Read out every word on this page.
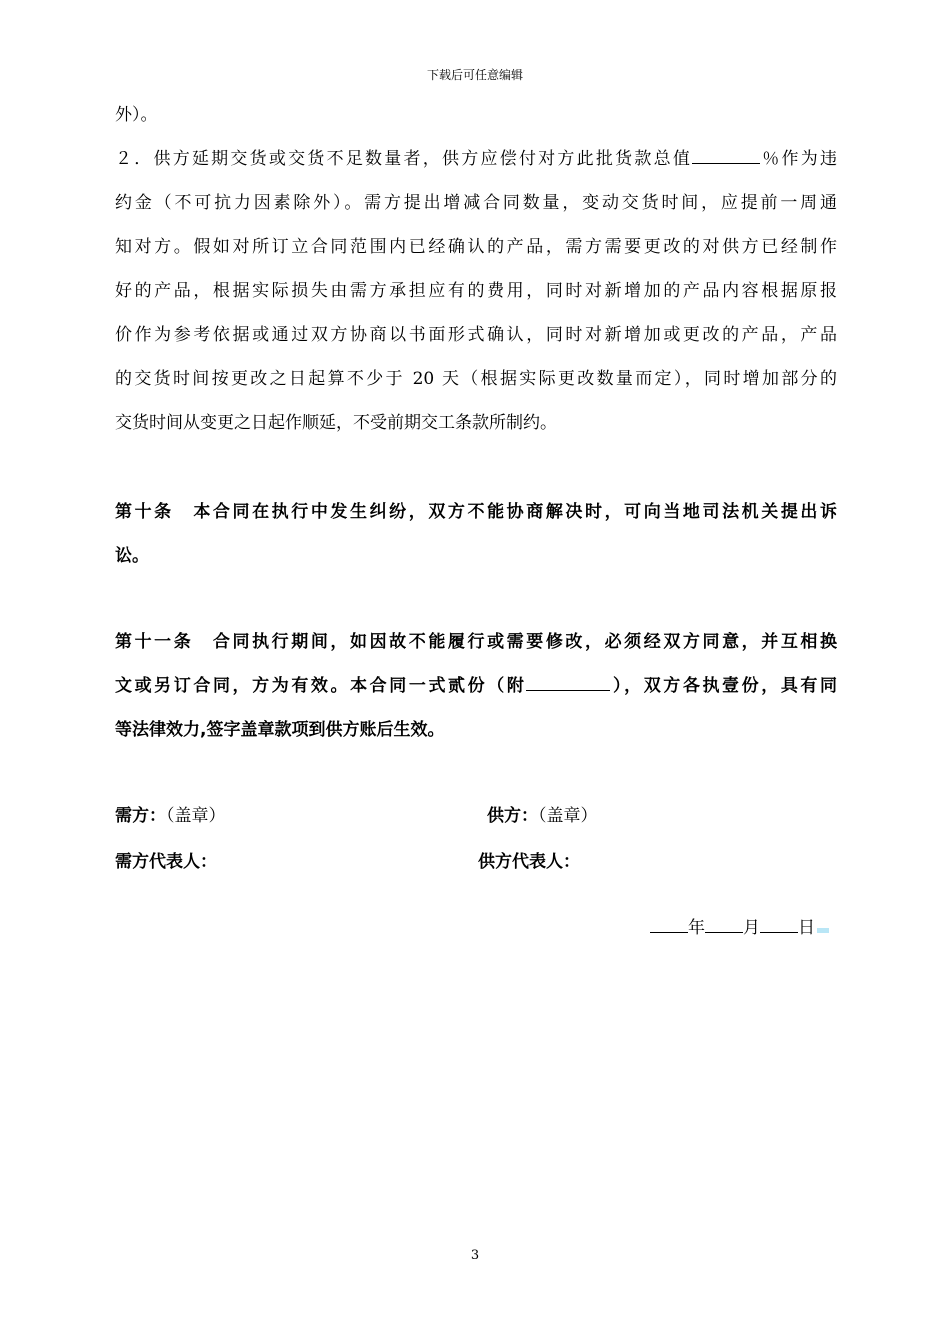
下载后可任意编辑
外）。
２．供方延期交货或交货不足数量者，供方应偿付对方此批货款总值	％作为违
约金（不可抗力因素除外）。需方提出增减合同数量，变动交货时间，应提前一周通
知对方。假如对所订立合同范围内已经确认的产品，需方需要更改的对供方已经制作
好的产品，根据实际损失由需方承担应有的费用，同时对新增加的产品内容根据原报
价作为参考依据或通过双方协商以书面形式确认，同时对新增加或更改的产品，产品
的交货时间按更改之日起算不少于 20 天（根据实际更改数量而定），同时增加部分的
交货时间从变更之日起作顺延，不受前期交工条款所制约。
第十条　本合同在执行中发生纠纷，双方不能协商解决时，可向当地司法机关提出诉
讼。
第十一条　合同执行期间，如因故不能履行或需要修改，必须经双方同意，并互相换
文或另订合同，方为有效。本合同一式贰份（附	），双方各执壹份，具有同
等法律效力,签字盖章款项到供方账后生效。
需方：（盖章）	供方：（盖章）
需方代表人：	供方代表人：
年 月 日
3
